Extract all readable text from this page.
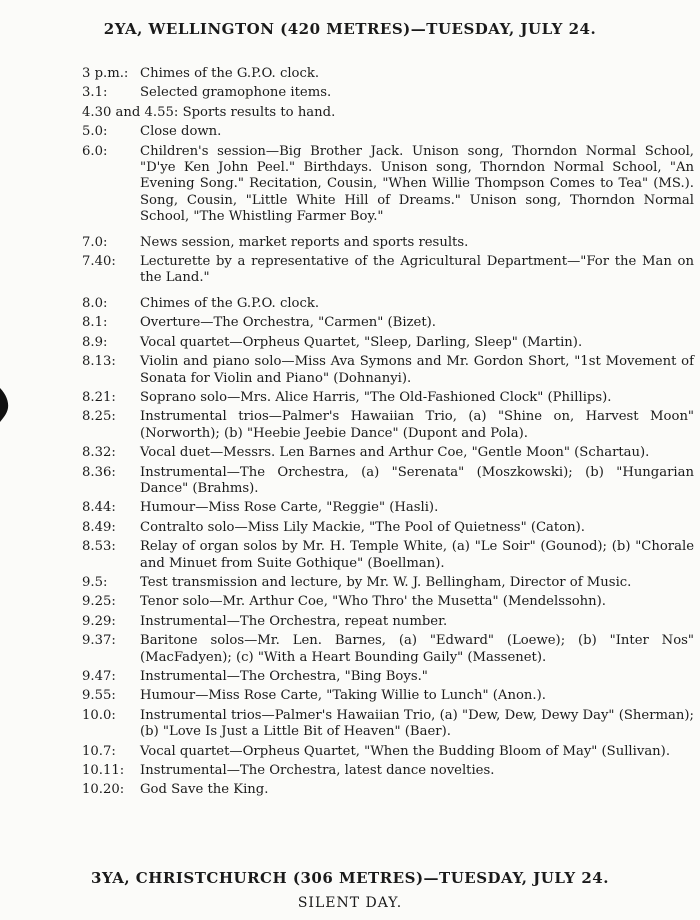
2YA, WELLINGTON (420 METRES)—TUESDAY, JULY 24.
3 p.m.: Chimes of the G.P.O. clock.
3.1: Selected gramophone items.
4.30 and 4.55: Sports results to hand.
5.0: Close down.
6.0: Children's session—Big Brother Jack. Unison song, Thorndon Normal School, "D'ye Ken John Peel." Birthdays. Unison song, Thorndon Normal School, "An Evening Song." Recitation, Cousin, "When Willie Thompson Comes to Tea" (MS.). Song, Cousin, "Little White Hill of Dreams." Unison song, Thorndon Normal School, "The Whistling Farmer Boy."
7.0: News session, market reports and sports results.
7.40: Lecturette by a representative of the Agricultural Department—"For the Man on the Land."
8.0: Chimes of the G.P.O. clock.
8.1: Overture—The Orchestra, "Carmen" (Bizet).
8.9: Vocal quartet—Orpheus Quartet, "Sleep, Darling, Sleep" (Martin).
8.13: Violin and piano solo—Miss Ava Symons and Mr. Gordon Short, "1st Movement of Sonata for Violin and Piano" (Dohnanyi).
8.21: Soprano solo—Mrs. Alice Harris, "The Old-Fashioned Clock" (Phillips).
8.25: Instrumental trios—Palmer's Hawaiian Trio, (a) "Shine on, Harvest Moon" (Norworth); (b) "Heebie Jeebie Dance" (Dupont and Pola).
8.32: Vocal duet—Messrs. Len Barnes and Arthur Coe, "Gentle Moon" (Schartau).
8.36: Instrumental—The Orchestra, (a) "Serenata" (Moszkowski); (b) "Hungarian Dance" (Brahms).
8.44: Humour—Miss Rose Carte, "Reggie" (Hasli).
8.49: Contralto solo—Miss Lily Mackie, "The Pool of Quietness" (Caton).
8.53: Relay of organ solos by Mr. H. Temple White, (a) "Le Soir" (Gounod); (b) "Chorale and Minuet from Suite Gothique" (Boellman).
9.5: Test transmission and lecture, by Mr. W. J. Bellingham, Director of Music.
9.25: Tenor solo—Mr. Arthur Coe, "Who Thro' the Musetta" (Mendelssohn).
9.29: Instrumental—The Orchestra, repeat number.
9.37: Baritone solos—Mr. Len. Barnes, (a) "Edward" (Loewe); (b) "Inter Nos" (MacFadyen); (c) "With a Heart Bounding Gaily" (Massenet).
9.47: Instrumental—The Orchestra, "Bing Boys."
9.55: Humour—Miss Rose Carte, "Taking Willie to Lunch" (Anon.).
10.0: Instrumental trios—Palmer's Hawaiian Trio, (a) "Dew, Dew, Dewy Day" (Sherman); (b) "Love Is Just a Little Bit of Heaven" (Baer).
10.7: Vocal quartet—Orpheus Quartet, "When the Budding Bloom of May" (Sullivan).
10.11: Instrumental—The Orchestra, latest dance novelties.
10.20: God Save the King.
3YA, CHRISTCHURCH (306 METRES)—TUESDAY, JULY 24.
SILENT DAY.
